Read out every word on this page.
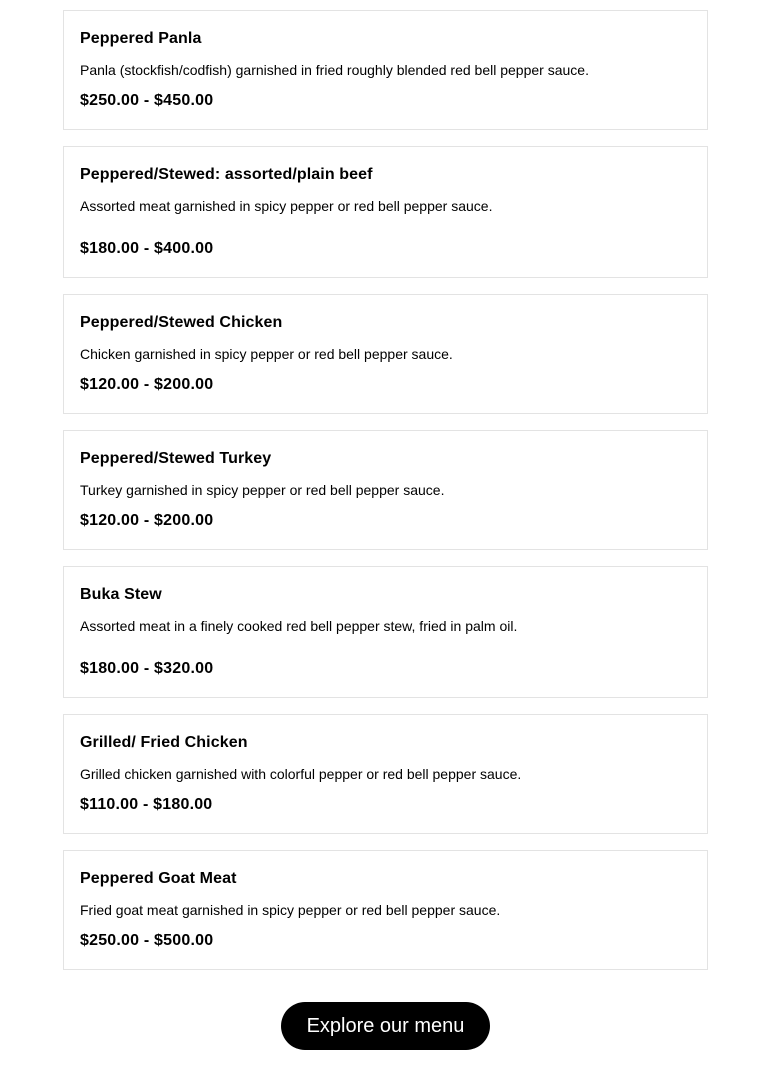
Peppered Panla

Panla (stockfish/codfish) garnished in fried roughly blended red bell pepper sauce.

$250.00 - $450.00

Peppered/Stewed: assorted/plain beef

Assorted meat garnished in spicy pepper or red bell pepper sauce.

$180.00 - $400.00

Peppered/Stewed Chicken

Chicken garnished in spicy pepper or red bell pepper sauce.

$120.00 - $200.00

Peppered/Stewed Turkey

Turkey garnished in spicy pepper or red bell pepper sauce.

$120.00 - $200.00

Buka Stew

Assorted meat in a finely cooked red bell pepper stew, fried in palm oil.

$180.00 - $320.00

Grilled/ Fried Chicken

Grilled chicken garnished with colorful pepper or red bell pepper sauce.

$110.00 - $180.00

Peppered Goat Meat

Fried goat meat garnished in spicy pepper or red bell pepper sauce.

$250.00 - $500.00

Explore our menu
